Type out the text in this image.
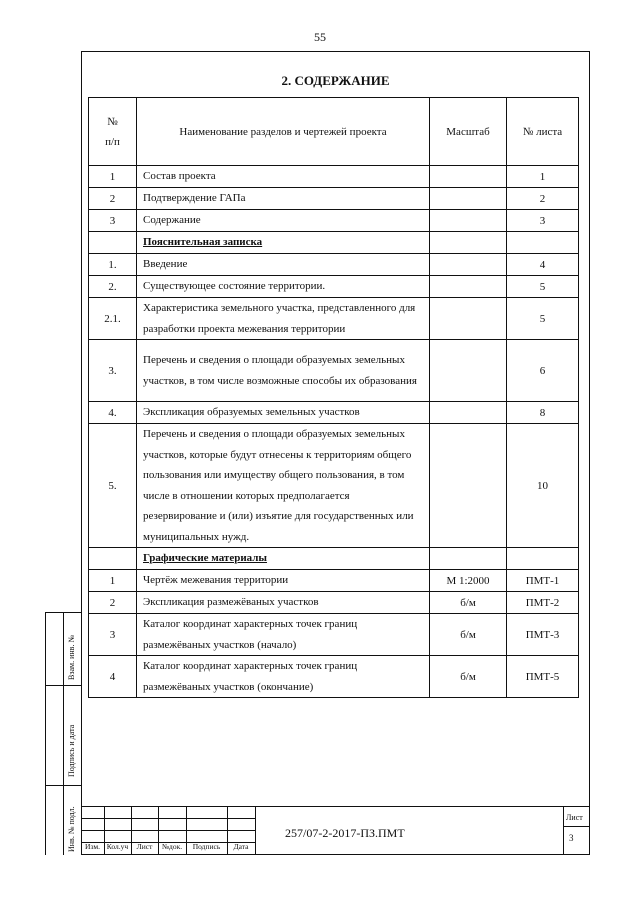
55
2. СОДЕРЖАНИЕ
№
п/п	Наименование разделов и чертежей проекта	Масштаб	№ листа
1	Состав проекта		1
2	Подтверждение ГАПа		2
3	Содержание		3
	Пояснительная записка		
1.	Введение		4
2.	Существующее состояние территории.		5
2.1.	Характеристика земельного участка, представленного для разработки проекта межевания территории		5
3.	Перечень и сведения о площади образуемых земельных участков, в том числе возможные способы их образования		6
4.	Экспликация образуемых земельных участков		8
5.	Перечень и сведения о площади образуемых земельных участков, которые будут отнесены к территориям общего пользования или имуществу общего пользования, в том числе в отношении которых предполагается резервирование и (или) изъятие для государственных или муниципальных нужд.		10
	Графические материалы		
1	Чертёж межевания территории	М 1:2000	ПМТ-1
2	Экспликация размежёваных участков	б/м	ПМТ-2
3	Каталог координат характерных точек границ размежёваных участков (начало)	б/м	ПМТ-3
4	Каталог координат характерных точек границ размежёваных участков (окончание)	б/м	ПМТ-5
Взам. инв. №
Подпись и дата
Инв. № подл.	Изм. Кол.уч	Лист	№док.	Подпись	Дата
257/07-2-2017-ПЗ.ПМТ
Лист
3
